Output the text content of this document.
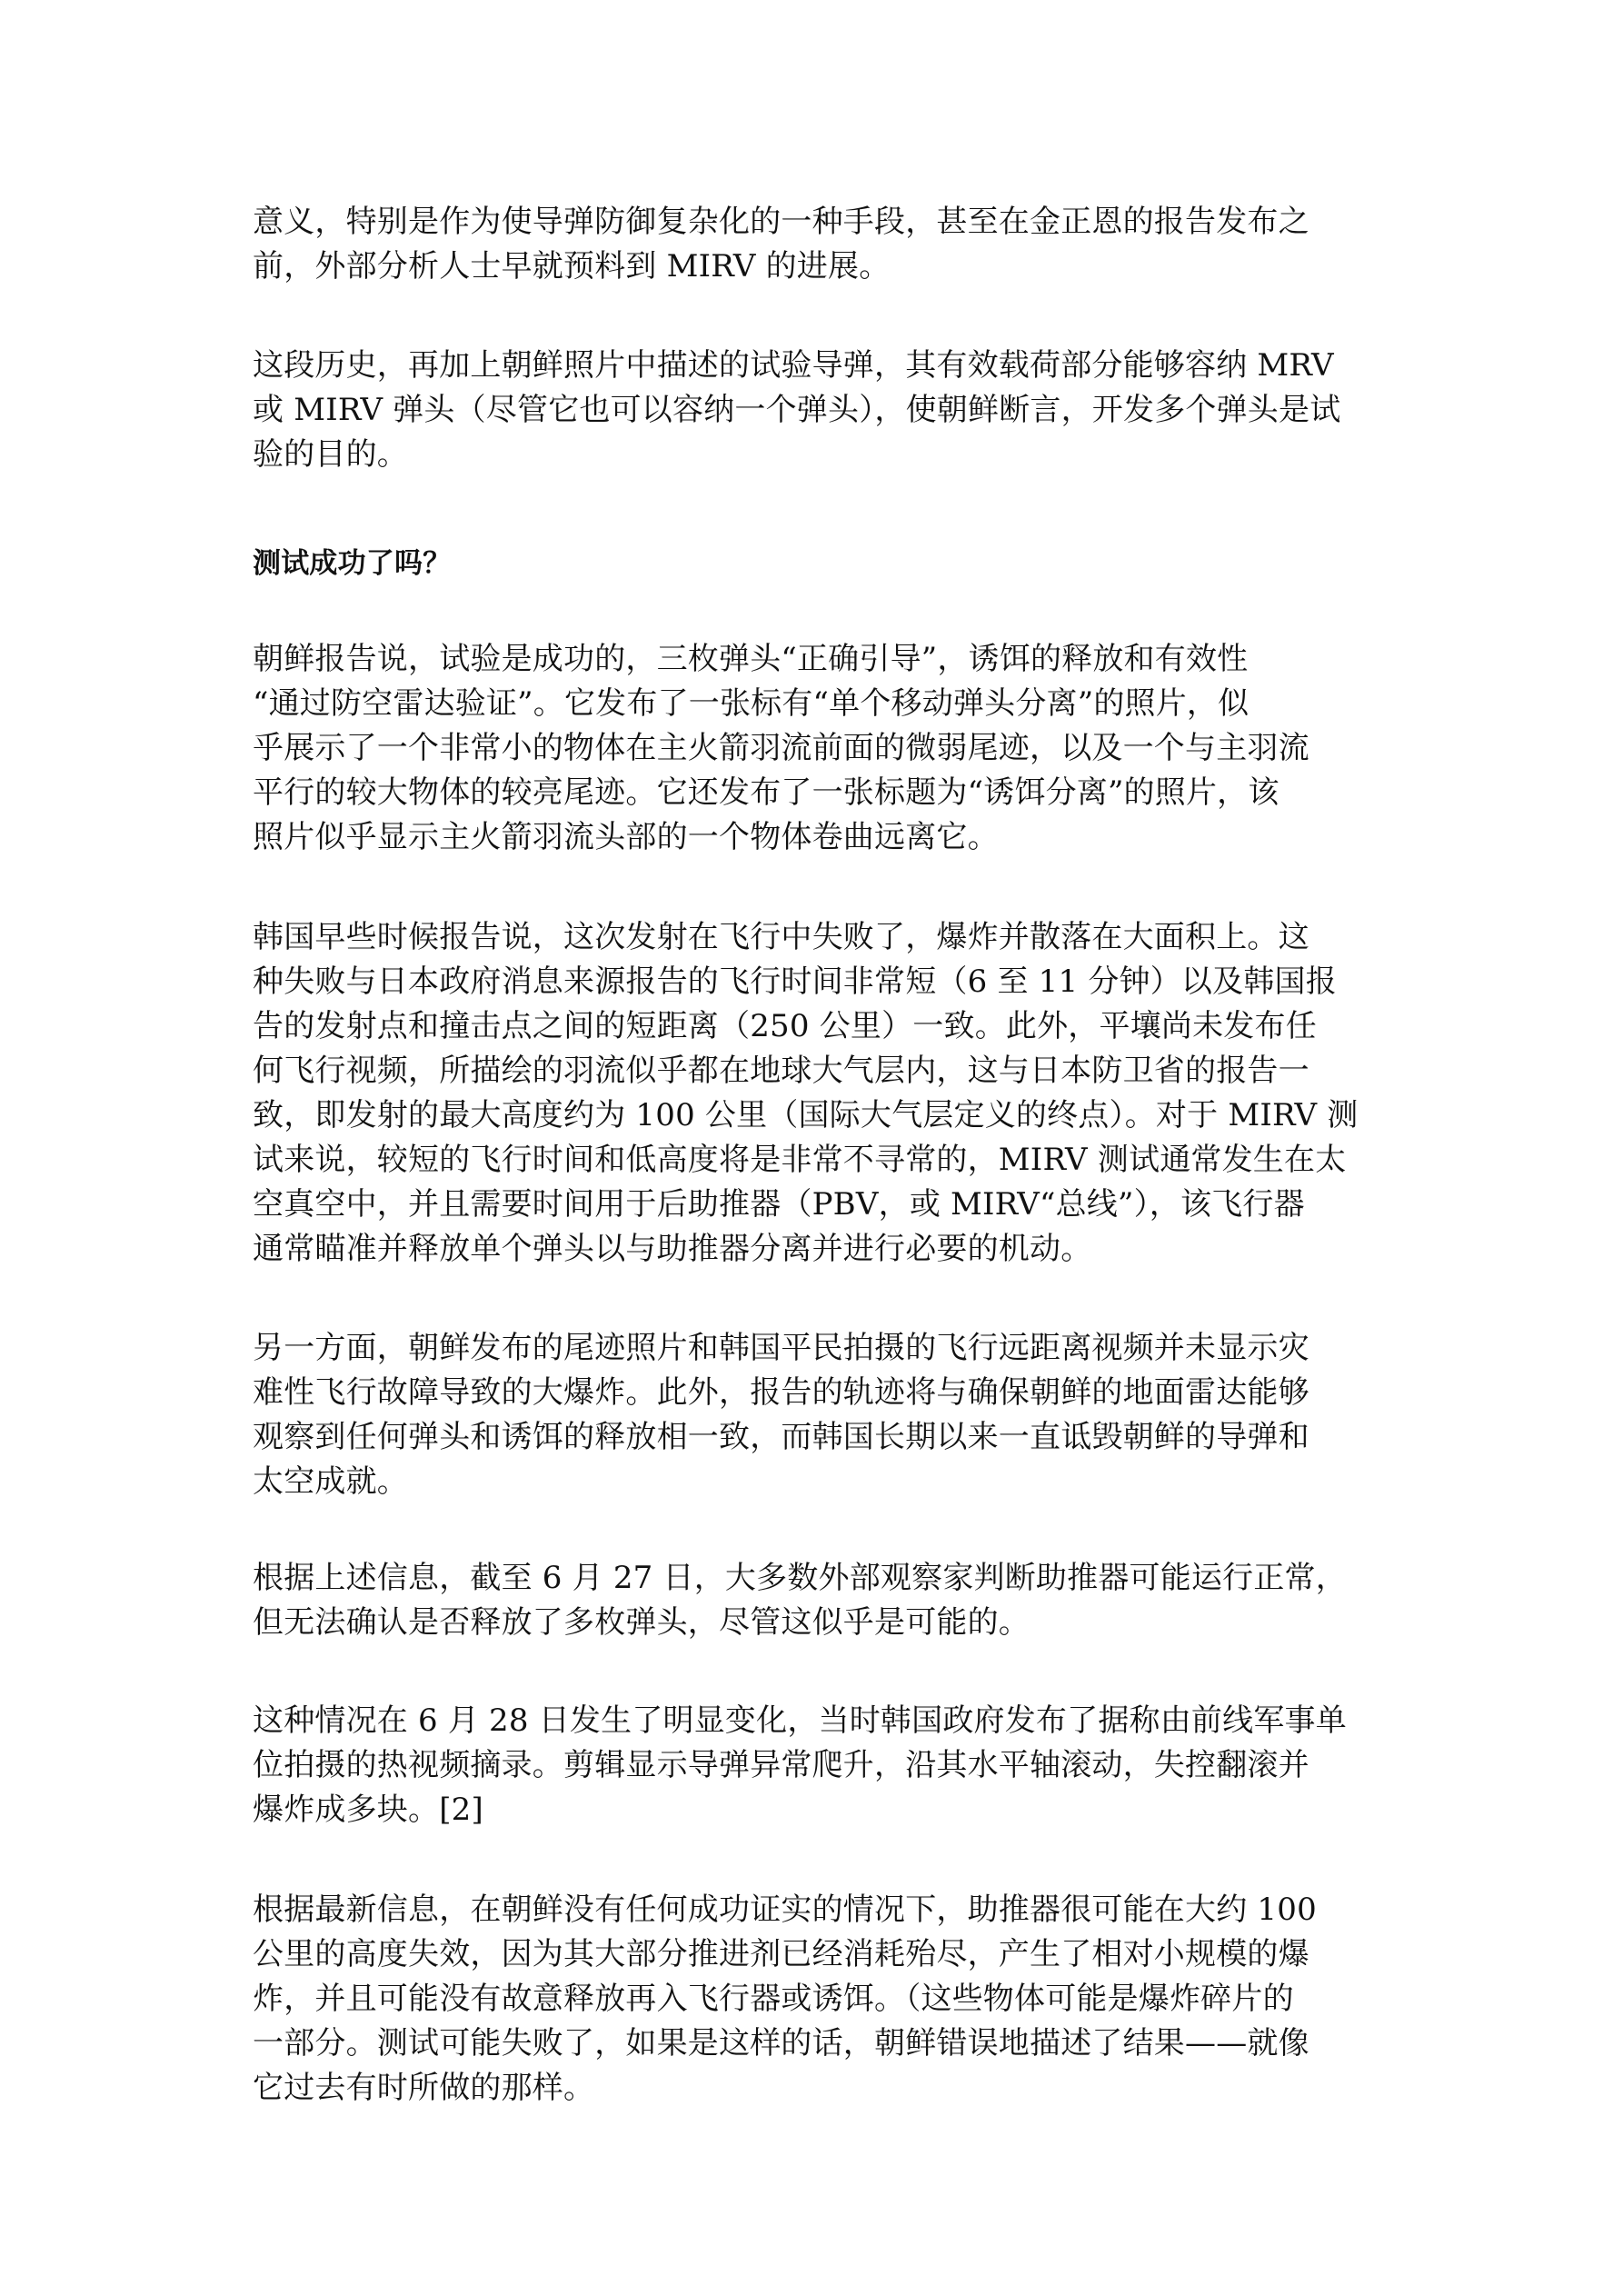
意义，特别是作为使导弹防御复杂化的一种手段，甚至在金正恩的报告发布之
前，外部分析人士早就预料到 MIRV 的进展。
这段历史，再加上朝鲜照片中描述的试验导弹，其有效载荷部分能够容纳 MRV
或 MIRV 弹头（尽管它也可以容纳一个弹头），使朝鲜断言，开发多个弹头是试
验的目的。
测试成功了吗？
朝鲜报告说，试验是成功的，三枚弹头“正确引导”，诱饵的释放和有效性
“通过防空雷达验证”。它发布了一张标有“单个移动弹头分离”的照片，似
乎展示了一个非常小的物体在主火箭羽流前面的微弱尾迹，以及一个与主羽流
平行的较大物体的较亮尾迹。它还发布了一张标题为“诱饵分离”的照片，该
照片似乎显示主火箭羽流头部的一个物体卷曲远离它。
韩国早些时候报告说，这次发射在飞行中失败了，爆炸并散落在大面积上。这
种失败与日本政府消息来源报告的飞行时间非常短（6 至 11 分钟）以及韩国报
告的发射点和撞击点之间的短距离（250 公里）一致。此外，平壤尚未发布任
何飞行视频，所描绘的羽流似乎都在地球大气层内，这与日本防卫省的报告一
致，即发射的最大高度约为 100 公里（国际大气层定义的终点）。对于 MIRV 测
试来说，较短的飞行时间和低高度将是非常不寻常的，MIRV 测试通常发生在太
空真空中，并且需要时间用于后助推器（PBV，或 MIRV“总线”），该飞行器
通常瞄准并释放单个弹头以与助推器分离并进行必要的机动。
另一方面，朝鲜发布的尾迹照片和韩国平民拍摄的飞行远距离视频并未显示灾
难性飞行故障导致的大爆炸。此外，报告的轨迹将与确保朝鲜的地面雷达能够
观察到任何弹头和诱饵的释放相一致，而韩国长期以来一直诋毁朝鲜的导弹和
太空成就。
根据上述信息，截至 6 月 27 日，大多数外部观察家判断助推器可能运行正常，
但无法确认是否释放了多枚弹头，尽管这似乎是可能的。
这种情况在 6 月 28 日发生了明显变化，当时韩国政府发布了据称由前线军事单
位拍摄的热视频摘录。剪辑显示导弹异常爬升，沿其水平轴滚动，失控翻滚并
爆炸成多块。[2]
根据最新信息，在朝鲜没有任何成功证实的情况下，助推器很可能在大约 100
公里的高度失效，因为其大部分推进剂已经消耗殆尽，产生了相对小规模的爆
炸，并且可能没有故意释放再入飞行器或诱饵。（这些物体可能是爆炸碎片的
一部分。测试可能失败了，如果是这样的话，朝鲜错误地描述了结果——就像
它过去有时所做的那样。
